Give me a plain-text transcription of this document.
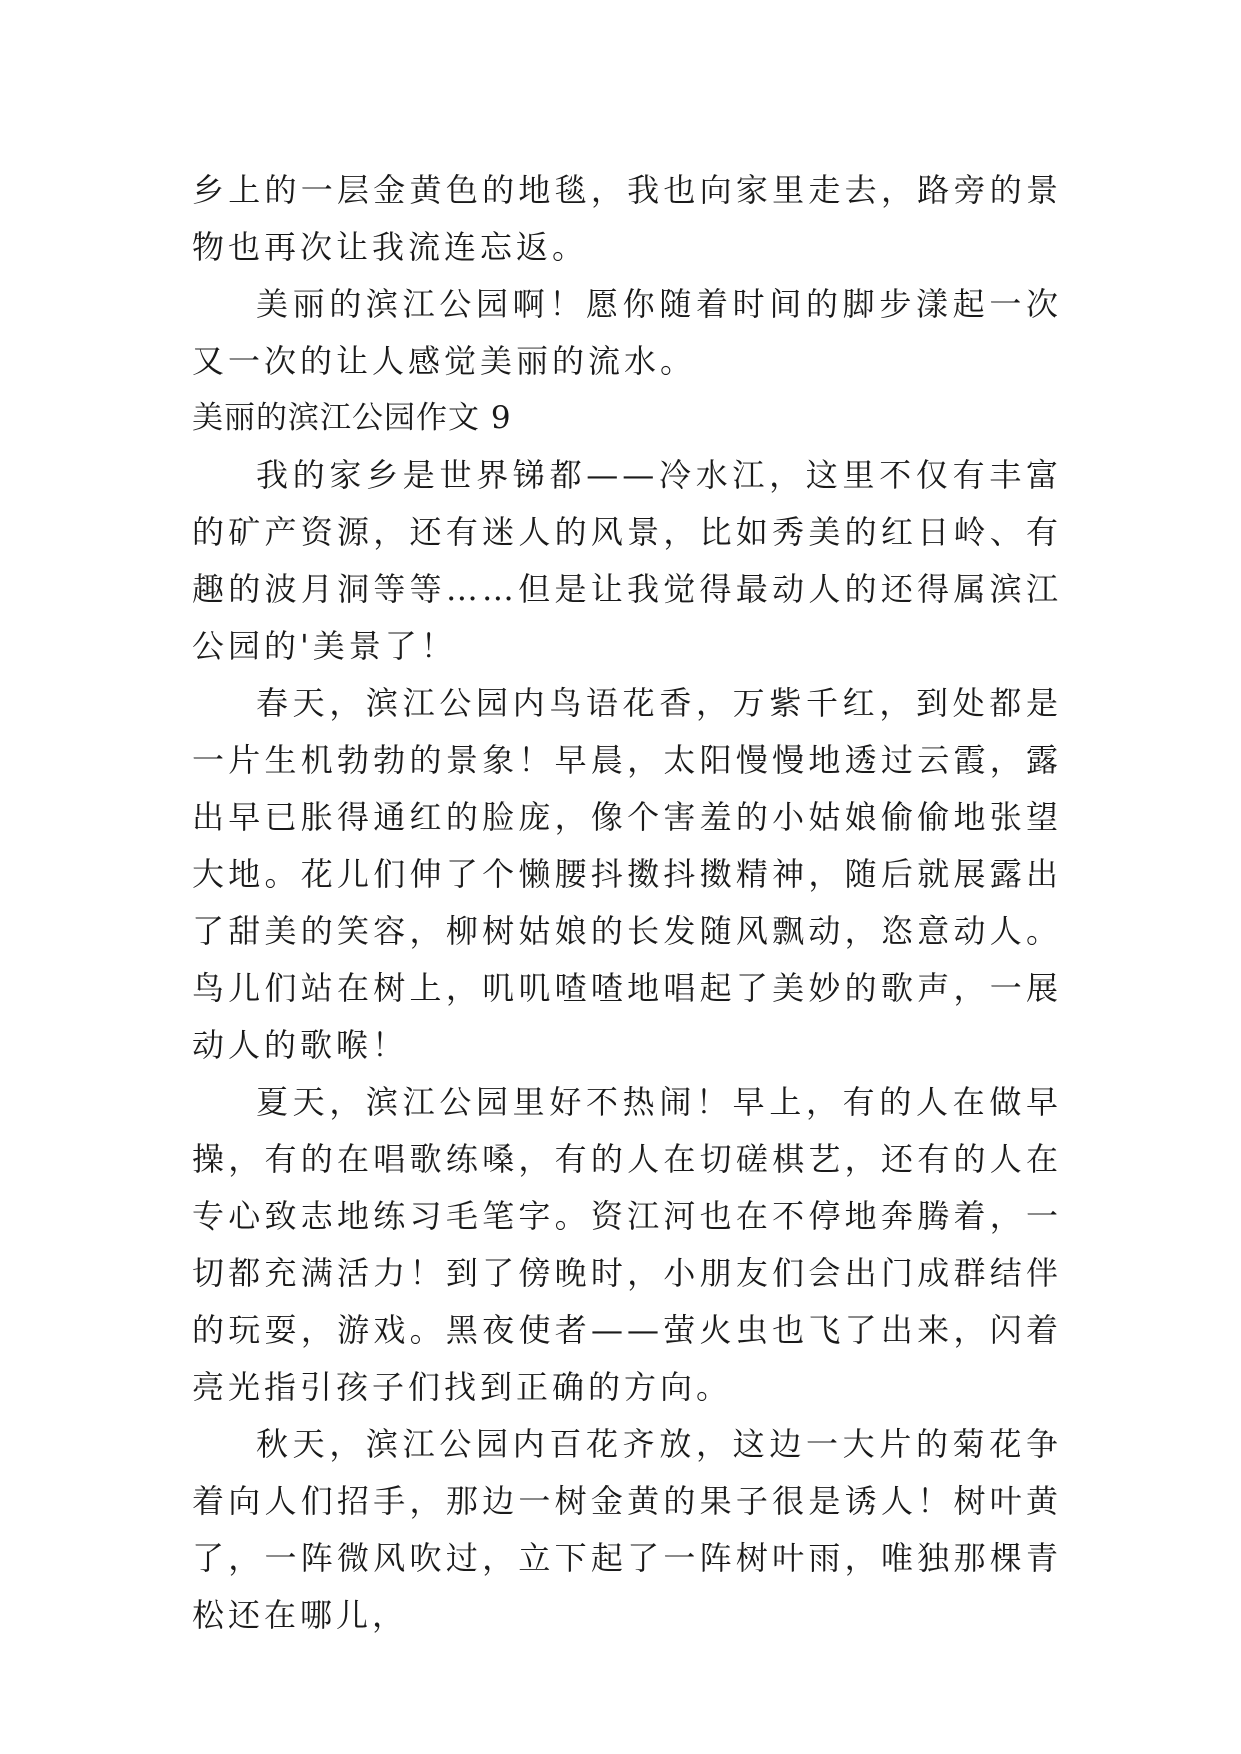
乡上的一层金黄色的地毯，我也向家里走去，路旁的景物也再次让我流连忘返。

美丽的滨江公园啊！愿你随着时间的脚步漾起一次又一次的让人感觉美丽的流水。

美丽的滨江公园作文 9

我的家乡是世界锑都——冷水江，这里不仅有丰富的矿产资源，还有迷人的风景，比如秀美的红日岭、有趣的波月洞等等……但是让我觉得最动人的还得属滨江公园的'美景了！

春天，滨江公园内鸟语花香，万紫千红，到处都是一片生机勃勃的景象！早晨，太阳慢慢地透过云霞，露出早已胀得通红的脸庞，像个害羞的小姑娘偷偷地张望大地。花儿们伸了个懒腰抖擞抖擞精神，随后就展露出了甜美的笑容，柳树姑娘的长发随风飘动，恣意动人。鸟儿们站在树上，叽叽喳喳地唱起了美妙的歌声，一展动人的歌喉！

夏天，滨江公园里好不热闹！早上，有的人在做早操，有的在唱歌练嗓，有的人在切磋棋艺，还有的人在专心致志地练习毛笔字。资江河也在不停地奔腾着，一切都充满活力！到了傍晚时，小朋友们会出门成群结伴的玩耍，游戏。黑夜使者——萤火虫也飞了出来，闪着亮光指引孩子们找到正确的方向。

秋天，滨江公园内百花齐放，这边一大片的菊花争着向人们招手，那边一树金黄的果子很是诱人！树叶黄了，一阵微风吹过，立下起了一阵树叶雨，唯独那棵青松还在哪儿，
